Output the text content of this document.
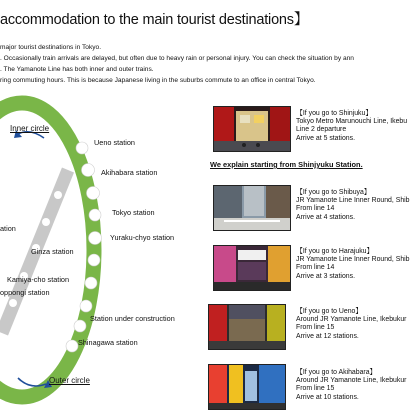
accommodation to the main tourist destinations】
major tourist destinations in Tokyo.
. Occasionally train arrivals are delayed, but often due to heavy rain or personal injury. You can check the situation by ann
. The Yamanote Line has both inner and outer trains.
ring commuting hours. This is because Japanese living in the suburbs commute to an office in central Tokyo.
Inner circle
Outer circle
Ueno station
Akihabara station
Tokyo station
Yuraku-chyo station
ation
Ginza station
Kamiya-cho station
oppongi station
Station under construction
Shinagawa station
【If you go to Shinjuku】
Tokyo Metro Marunouchi Line, Ikebu
Line 2 departure
Arrive at 5 stations.
We explain starting from Shinjyuku Station.
【If you go to Shibuya】
JR Yamanote Line Inner Round, Shib
From line 14
Arrive at 4 stations.
【If you go to Harajuku】
JR Yamanote Line Inner Round, Shib
From line 14
Arrive at 3 stations.
【If you go to Ueno】
Around JR Yamanote Line, Ikebukur
From line 15
Arrive at 12 stations.
【If you go to Akihabara】
Around JR Yamanote Line, Ikebukur
From line 15
Arrive at 10 stations.
